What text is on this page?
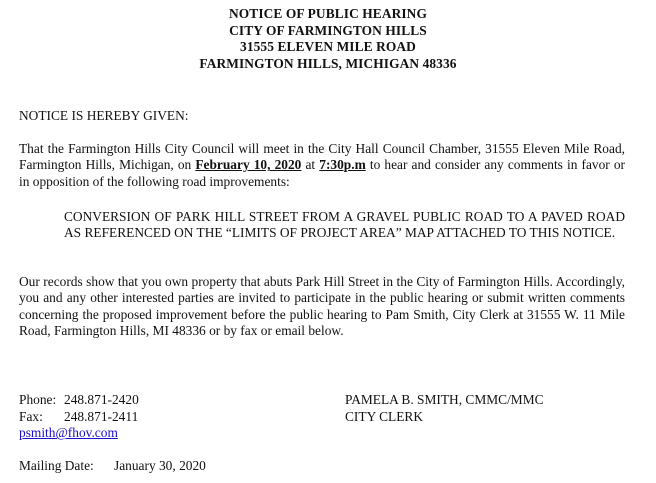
NOTICE OF PUBLIC HEARING
CITY OF FARMINGTON HILLS
31555 ELEVEN MILE ROAD
FARMINGTON HILLS, MICHIGAN 48336
NOTICE IS HEREBY GIVEN:
That the Farmington Hills City Council will meet in the City Hall Council Chamber, 31555 Eleven Mile Road, Farmington Hills, Michigan, on February 10, 2020 at 7:30p.m to hear and consider any comments in favor or in opposition of the following road improvements:
CONVERSION OF PARK HILL STREET FROM A GRAVEL PUBLIC ROAD TO A PAVED ROAD AS REFERENCED ON THE “LIMITS OF PROJECT AREA” MAP ATTACHED TO THIS NOTICE.
Our records show that you own property that abuts Park Hill Street in the City of Farmington Hills. Accordingly, you and any other interested parties are invited to participate in the public hearing or submit written comments concerning the proposed improvement before the public hearing to Pam Smith, City Clerk at 31555 W. 11 Mile Road, Farmington Hills, MI 48336 or by fax or email below.
Phone: 248.871-2420
Fax: 248.871-2411
psmith@fhov.com
PAMELA B. SMITH, CMMC/MMC
CITY CLERK
Mailing Date: January 30, 2020
